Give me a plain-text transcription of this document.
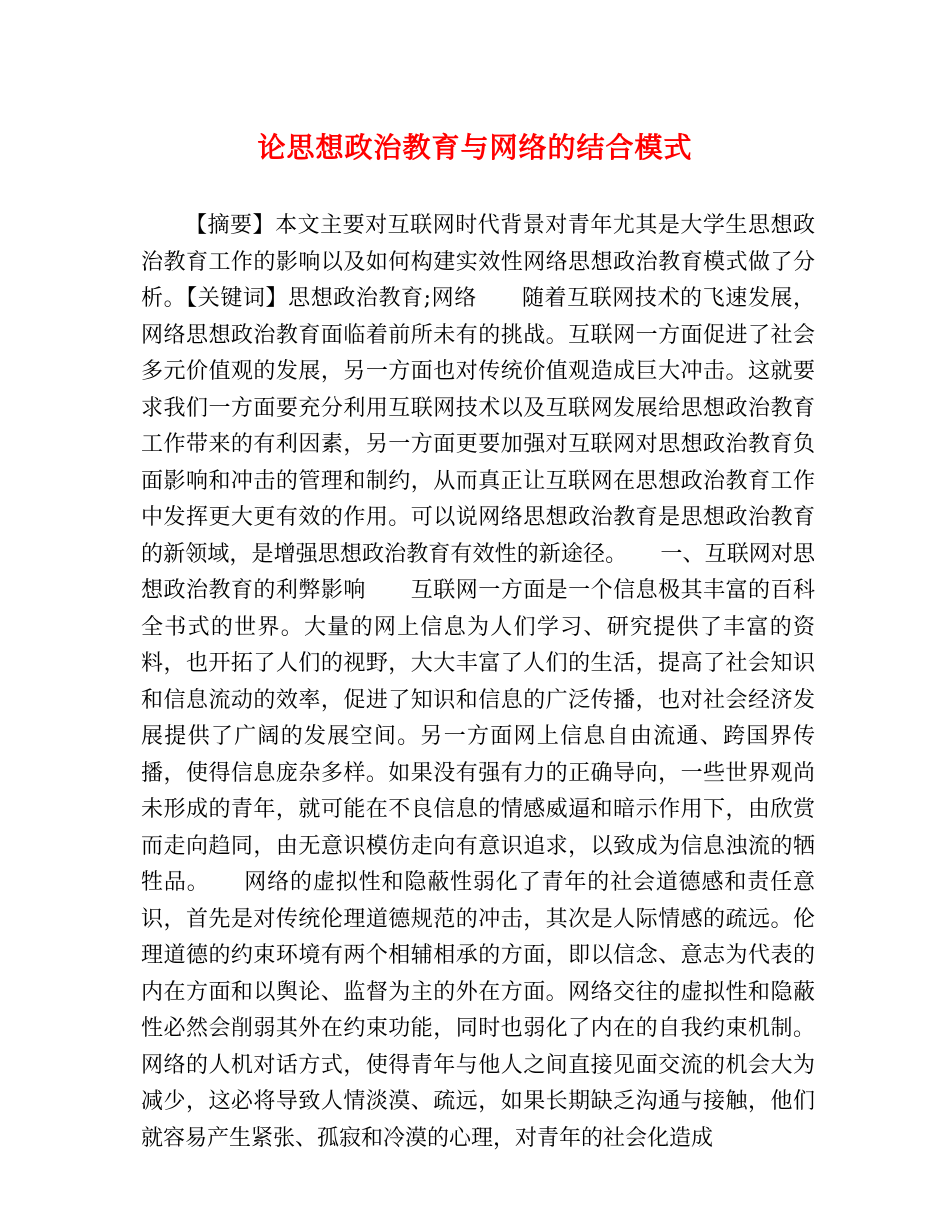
论思想政治教育与网络的结合模式

【摘要】本文主要对互联网时代背景对青年尤其是大学生思想政治教育工作的影响以及如何构建实效性网络思想政治教育模式做了分析。【关键词】思想政治教育;网络　　随着互联网技术的飞速发展，网络思想政治教育面临着前所未有的挑战。互联网一方面促进了社会多元价值观的发展，另一方面也对传统价值观造成巨大冲击。这就要求我们一方面要充分利用互联网技术以及互联网发展给思想政治教育工作带来的有利因素，另一方面更要加强对互联网对思想政治教育负面影响和冲击的管理和制约，从而真正让互联网在思想政治教育工作中发挥更大更有效的作用。可以说网络思想政治教育是思想政治教育的新领域，是增强思想政治教育有效性的新途径。　　一、互联网对思想政治教育的利弊影响　　互联网一方面是一个信息极其丰富的百科全书式的世界。大量的网上信息为人们学习、研究提供了丰富的资料，也开拓了人们的视野，大大丰富了人们的生活，提高了社会知识和信息流动的效率，促进了知识和信息的广泛传播，也对社会经济发展提供了广阔的发展空间。另一方面网上信息自由流通、跨国界传播，使得信息庞杂多样。如果没有强有力的正确导向，一些世界观尚未形成的青年，就可能在不良信息的情感威逼和暗示作用下，由欣赏而走向趋同，由无意识模仿走向有意识追求，以致成为信息浊流的牺牲品。　　网络的虚拟性和隐蔽性弱化了青年的社会道德感和责任意识，首先是对传统伦理道德规范的冲击，其次是人际情感的疏远。伦理道德的约束环境有两个相辅相承的方面，即以信念、意志为代表的内在方面和以舆论、监督为主的外在方面。网络交往的虚拟性和隐蔽性必然会削弱其外在约束功能，同时也弱化了内在的自我约束机制。网络的人机对话方式，使得青年与他人之间直接见面交流的机会大为减少，这必将导致人情淡漠、疏远，如果长期缺乏沟通与接触，他们就容易产生紧张、孤寂和冷漠的心理，对青年的社会化造成
